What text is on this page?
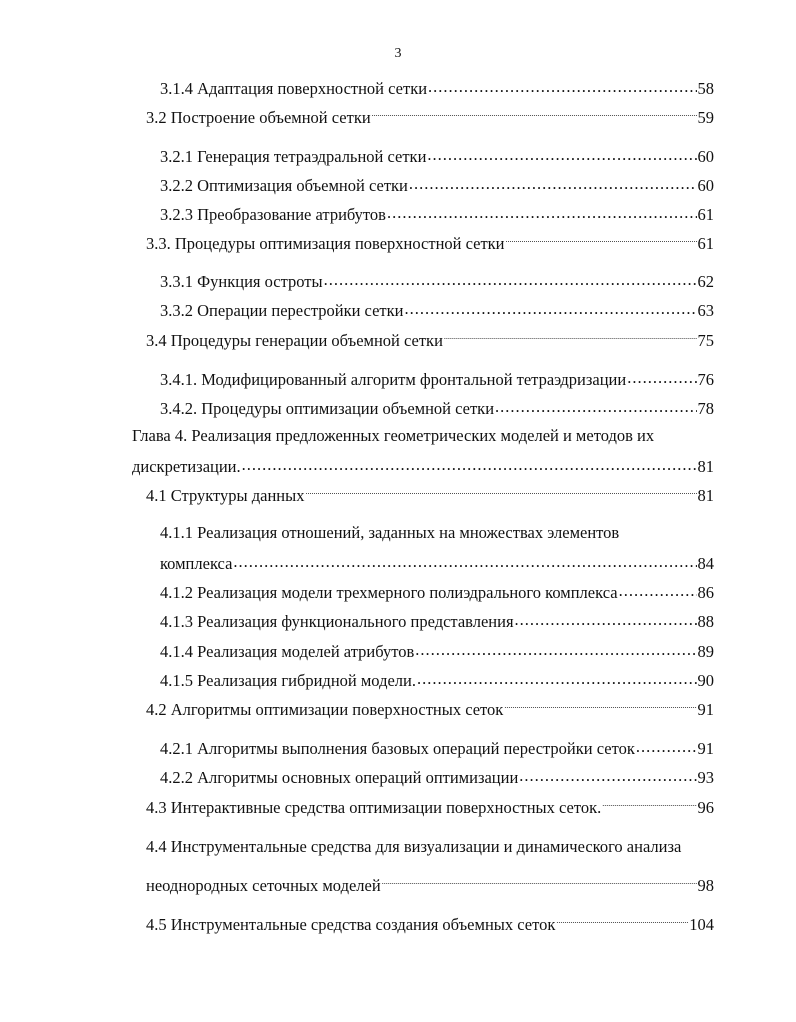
3
3.1.4 Адаптация поверхностной сетки .....	58
3.2 Построение объемной сетки .....	59
3.2.1 Генерация тетраэдральной сетки .....	60
3.2.2 Оптимизация объемной сетки .....	60
3.2.3 Преобразование атрибутов .....	61
3.3. Процедуры оптимизация поверхностной сетки .....	61
3.3.1 Функция остроты .....	62
3.3.2 Операции перестройки сетки .....	63
3.4 Процедуры генерации объемной сетки .....	75
3.4.1. Модифицированный алгоритм фронтальной тетраэдризации .....	76
3.4.2. Процедуры оптимизации объемной сетки .....	78
Глава 4. Реализация предложенных геометрических моделей и методов их
дискретизации. .....	81
4.1 Структуры данных .....	81
4.1.1 Реализация отношений, заданных на множествах элементов
комплекса .....	84
4.1.2 Реализация модели трехмерного полиэдрального комплекса .....	86
4.1.3 Реализация функционального представления .....	88
4.1.4 Реализация моделей атрибутов .....	89
4.1.5 Реализация гибридной модели. .....	90
4.2 Алгоритмы оптимизации поверхностных сеток .....	91
4.2.1 Алгоритмы выполнения базовых операций перестройки сеток .....	91
4.2.2 Алгоритмы основных операций оптимизации .....	93
4.3 Интерактивные средства оптимизации поверхностных сеток. .....	96
4.4 Инструментальные средства для визуализации и динамического анализа
неоднородных сеточных моделей .....	98
4.5 Инструментальные средства создания объемных сеток .....	104
